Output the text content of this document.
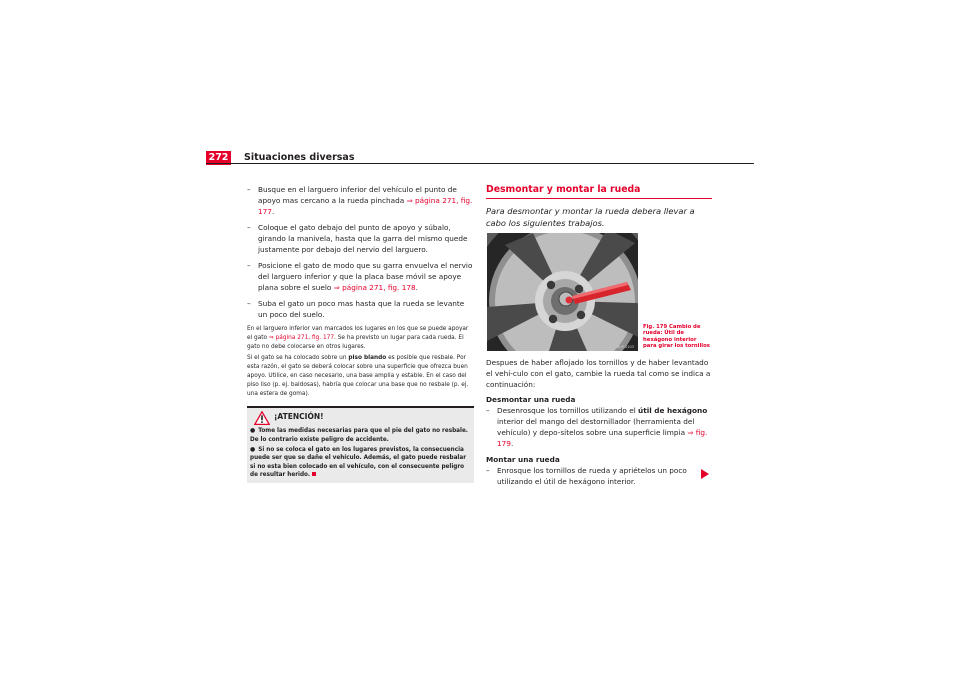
272 Situaciones diversas
– Busque en el larguero inferior del vehículo el punto de apoyo mas cercano a la rueda pinchada ⇒ página 271, fig. 177.
– Coloque el gato debajo del punto de apoyo y súbalo, girando la manivela, hasta que la garra del mismo quede justamente por debajo del nervio del larguero.
– Posicione el gato de modo que su garra envuelva el nervio del larguero inferior y que la placa base móvil se apoye plana sobre el suelo ⇒ página 271, fig. 178.
– Suba el gato un poco mas hasta que la rueda se levante un poco del suelo.

En el larguero inferior van marcados los lugares en los que se puede apoyar el gato ⇒ página 271, fig. 177. Se ha previsto un lugar para cada rueda. El gato no debe colocarse en otros lugares.

Si el gato se ha colocado sobre un piso blando es posible que resbale. Por esta razón, el gato se deberá colocar sobre una superficie que ofrezca buen apoyo. Utilice, en caso necesario, una base amplia y estable. En el caso del piso liso (p. ej. baldosas), habría que colocar una base que no resbale (p. ej. una estera de goma).

¡ATENCIÓN!
● Tome las medidas necesarias para que el pie del gato no resbale. De lo contrario existe peligro de accidente.
● Si no se coloca el gato en los lugares previstos, la consecuencia puede ser que se dañe el vehículo. Además, el gato puede resbalar si no esta bien colocado en el vehículo, con el consecuente peligro de resultar herido.
Desmontar y montar la rueda
Para desmontar y montar la rueda debera llevar a cabo los siguientes trabajos.
B5P-0103
Fig. 179 Cambio de rueda: Útil de hexágono interior para girar los tornillos
Despues de haber aflojado los tornillos y de haber levantado el vehí-culo con el gato, cambie la rueda tal como se indica a continuación:
Desmontar una rueda
– Desenrosque los tornillos utilizando el útil de hexágono interior del mango del destornillador (herramienta del vehículo) y depo-sítelos sobre una superficie limpia ⇒ fig. 179.
Montar una rueda
– Enrosque los tornillos de rueda y apriételos un poco utilizando el útil de hexágono interior.
